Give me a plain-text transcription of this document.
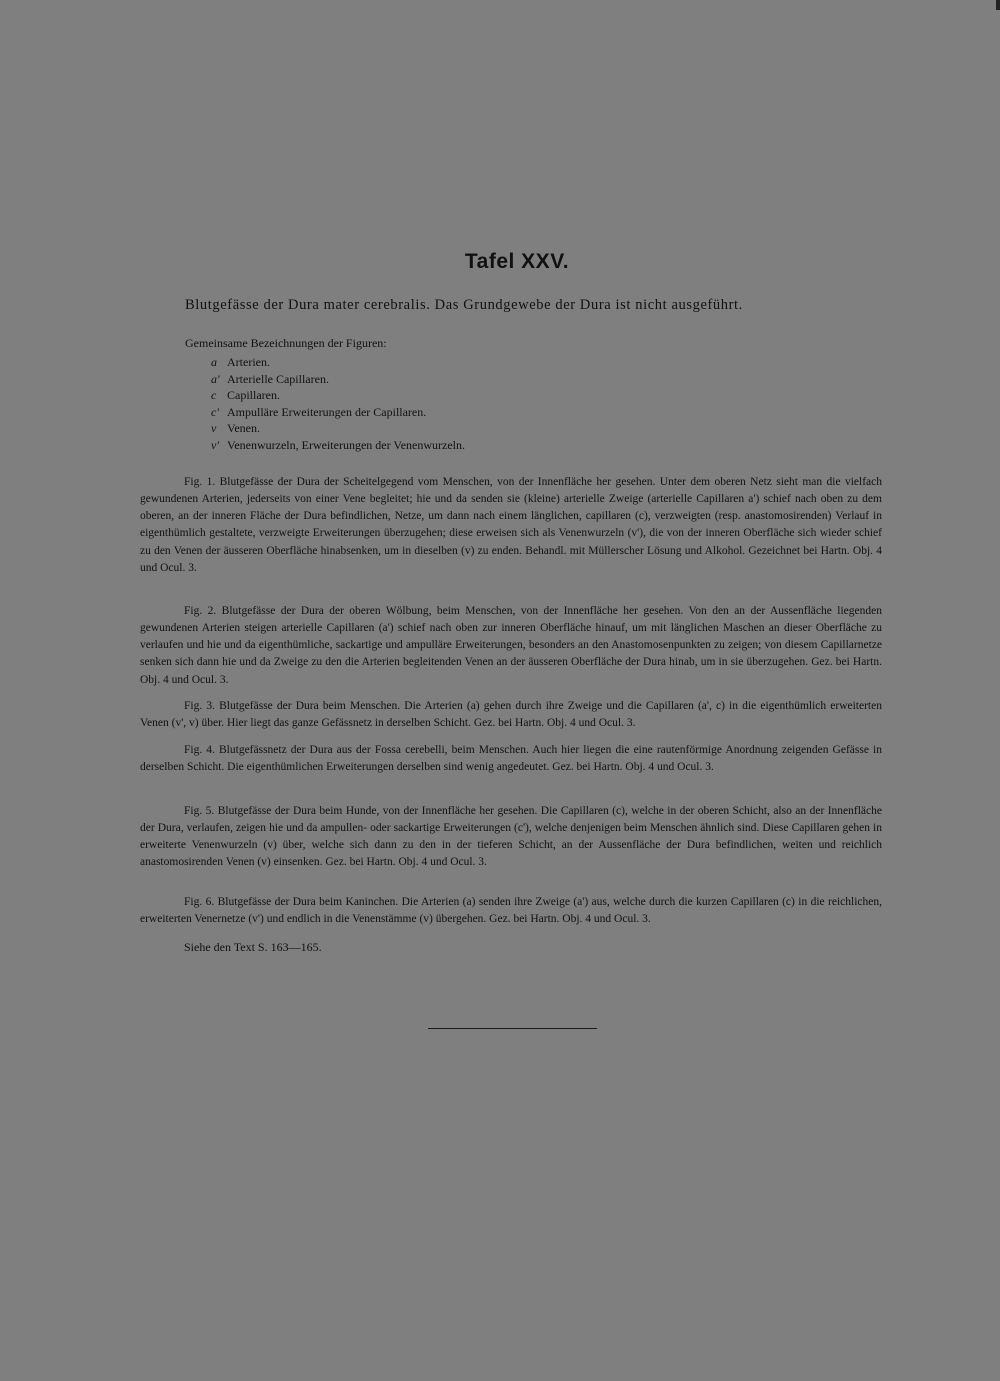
Tafel XXV.
Blutgefässe der Dura mater cerebralis. Das Grundgewebe der Dura ist nicht ausgeführt.
Gemeinsame Bezeichnungen der Figuren:
a Arterien.
a' Arterielle Capillaren.
c Capillaren.
c' Ampulläre Erweiterungen der Capillaren.
v Venen.
v' Venenwurzeln, Erweiterungen der Venenwurzeln.

Fig. 1. Blutgefässe der Dura der Scheitelgegend vom Menschen, von der Innenfläche her gesehen. Unter dem oberen Netz sieht man die vielfach gewundenen Arterien, jederseits von einer Vene begleitet; hie und da senden sie (kleine) arterielle Zweige (arterielle Capillaren a') schief nach oben zu dem oberen, an der inneren Fläche der Dura befindlichen, Netze, um dann nach einem länglichen, capillaren (c), verzweigten (resp. anastomosirenden) Verlauf in eigenthümlich gestaltete, verzweigte Erweiterungen überzugehen; diese erweisen sich als Venenwurzeln (v'), die von der inneren Oberfläche sich wieder schief zu den Venen der äusseren Oberfläche hinabsenken, um in dieselben (v) zu enden. Behandl. mit Müllerscher Lösung und Alkohol. Gezeichnet bei Hartn. Obj. 4 und Ocul. 3.

Fig. 2. Blutgefässe der Dura der oberen Wölbung, beim Menschen, von der Innenfläche her gesehen. Von den an der Aussenfläche liegenden gewundenen Arterien steigen arterielle Capillaren (a') schief nach oben zur inneren Oberfläche hinauf, um mit länglichen Maschen an dieser Oberfläche zu verlaufen und hie und da eigenthümliche, sackartige und ampulläre Erweiterungen, besonders an den Anastomosenpunkten zu zeigen; von diesem Capillarnetze senken sich dann hie und da Zweige zu den die Arterien begleitenden Venen an der äusseren Oberfläche der Dura hinab, um in sie überzugehen. Gez. bei Hartn. Obj. 4 und Ocul. 3.

Fig. 3. Blutgefässe der Dura beim Menschen. Die Arterien (a) gehen durch ihre Zweige und die Capillaren (a', c) in die eigenthümlich erweiterten Venen (v', v) über. Hier liegt das ganze Gefässnetz in derselben Schicht. Gez. bei Hartn. Obj. 4 und Ocul. 3.

Fig. 4. Blutgefässnetz der Dura aus der Fossa cerebelli, beim Menschen. Auch hier liegen die eine rautenförmige Anordnung zeigenden Gefässe in derselben Schicht. Die eigenthümlichen Erweiterungen derselben sind wenig angedeutet. Gez. bei Hartn. Obj. 4 und Ocul. 3.

Fig. 5. Blutgefässe der Dura beim Hunde, von der Innenfläche her gesehen. Die Capillaren (c), welche in der oberen Schicht, also an der Innenfläche der Dura, verlaufen, zeigen hie und da ampullen- oder sackartige Erweiterungen (c'), welche denjenigen beim Menschen ähnlich sind. Diese Capillaren gehen in erweiterte Venenwurzeln (v) über, welche sich dann zu den in der tieferen Schicht, an der Aussenfläche der Dura befindlichen, weiten und reichlich anastomosirenden Venen (v) einsenken. Gez. bei Hartn. Obj. 4 und Ocul. 3.

Fig. 6. Blutgefässe der Dura beim Kaninchen. Die Arterien (a) senden ihre Zweige (a') aus, welche durch die kurzen Capillaren (c) in die reichlichen, erweiterten Venernetze (v') und endlich in die Venenstämme (v) übergehen. Gez. bei Hartn. Obj. 4 und Ocul. 3.

Siehe den Text S. 163—165.
